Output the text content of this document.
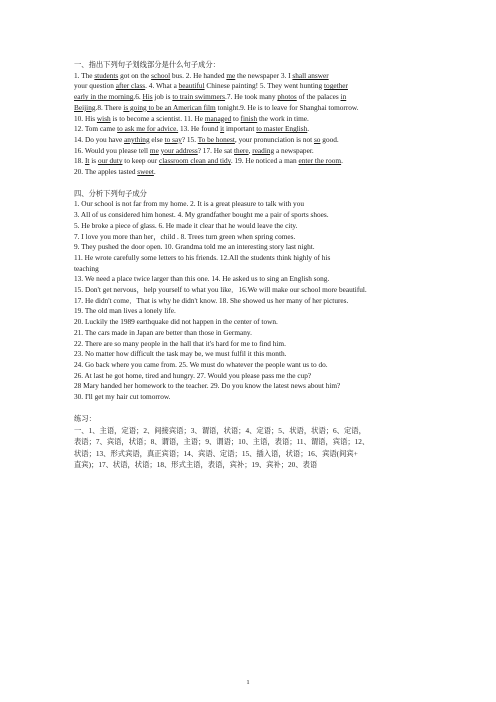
一、指出下列句子划线部分是什么句子成分：
1. The students got on the school bus. 2. He handed me the newspaper 3. I shall answer
your question after class. 4. What a beautiful Chinese painting! 5. They went hunting together
early in the morning.6. His job is to train swimmers.7. He took many photos of the palaces in
Beijing.8. There is going to be an American film tonight.9. He is to leave for Shanghai tomorrow.
10. His wish is to become a scientist. 11. He managed to finish the work in time.
12. Tom came to ask me for advice. 13. He found it important to master English.
14. Do you have anything else to say? 15. To be honest, your pronunciation is not so good.
16. Would you please tell me your address? 17. He sat there, reading a newspaper.
18. It is our duty to keep our classroom clean and tidy. 19. He noticed a man enter the room.
20. The apples tasted sweet.
四、分析下列句子成分
1. Our school is not far from my home. 2. It is a great pleasure to talk with you
3. All of us considered him honest. 4. My grandfather bought me a pair of sports shoes.
5. He broke a piece of glass. 6. He made it clear that he would leave the city.
7. I love you more than her，child . 8. Trees turn green when spring comes.
9. They pushed the door open. 10. Grandma told me an interesting story last night.
11. He wrote carefully some letters to his friends. 12.All the students think highly of his
teaching
13. We need a place twice larger than this one. 14. He asked us to sing an English song.
15. Don't get nervous，help yourself to what you like．16.We will make our school more beautiful.
17. He didn't come．That is why he didn't know. 18. She showed us her many of her pictures.
19. The old man lives a lonely life.
20. Luckily the 1989 earthquake did not happen in the center of town.
21. The cars made in Japan are better than those in Germany.
22. There are so many people in the hall that it's hard for me to find him.
23. No matter how difficult the task may be, we must fulfil it this month.
24. Go back where you came from. 25. We must do whatever the people want us to do.
26. At last he got home, tired and hungry. 27. Would you please pass me the cup?
28 Mary handed her homework to the teacher. 29. Do you know the latest news about him?
30. I'll get my hair cut tomorrow.
练习：
一、1、主语，定语；2、间接宾语；3、谓语，状语；4、定语；5、状语，状语；6、定语，
表语；7、宾语，状语；8、谓语，主语；9、谓语；10、主语，表语；11、谓语，宾语；12、
状语；13、形式宾语，真正宾语；14、宾语、定语；15、插入语，状语；16、宾语(间宾+
直宾)；17、状语，状语；18、形式主语，表语，宾补；19、宾补；20、表语
1
